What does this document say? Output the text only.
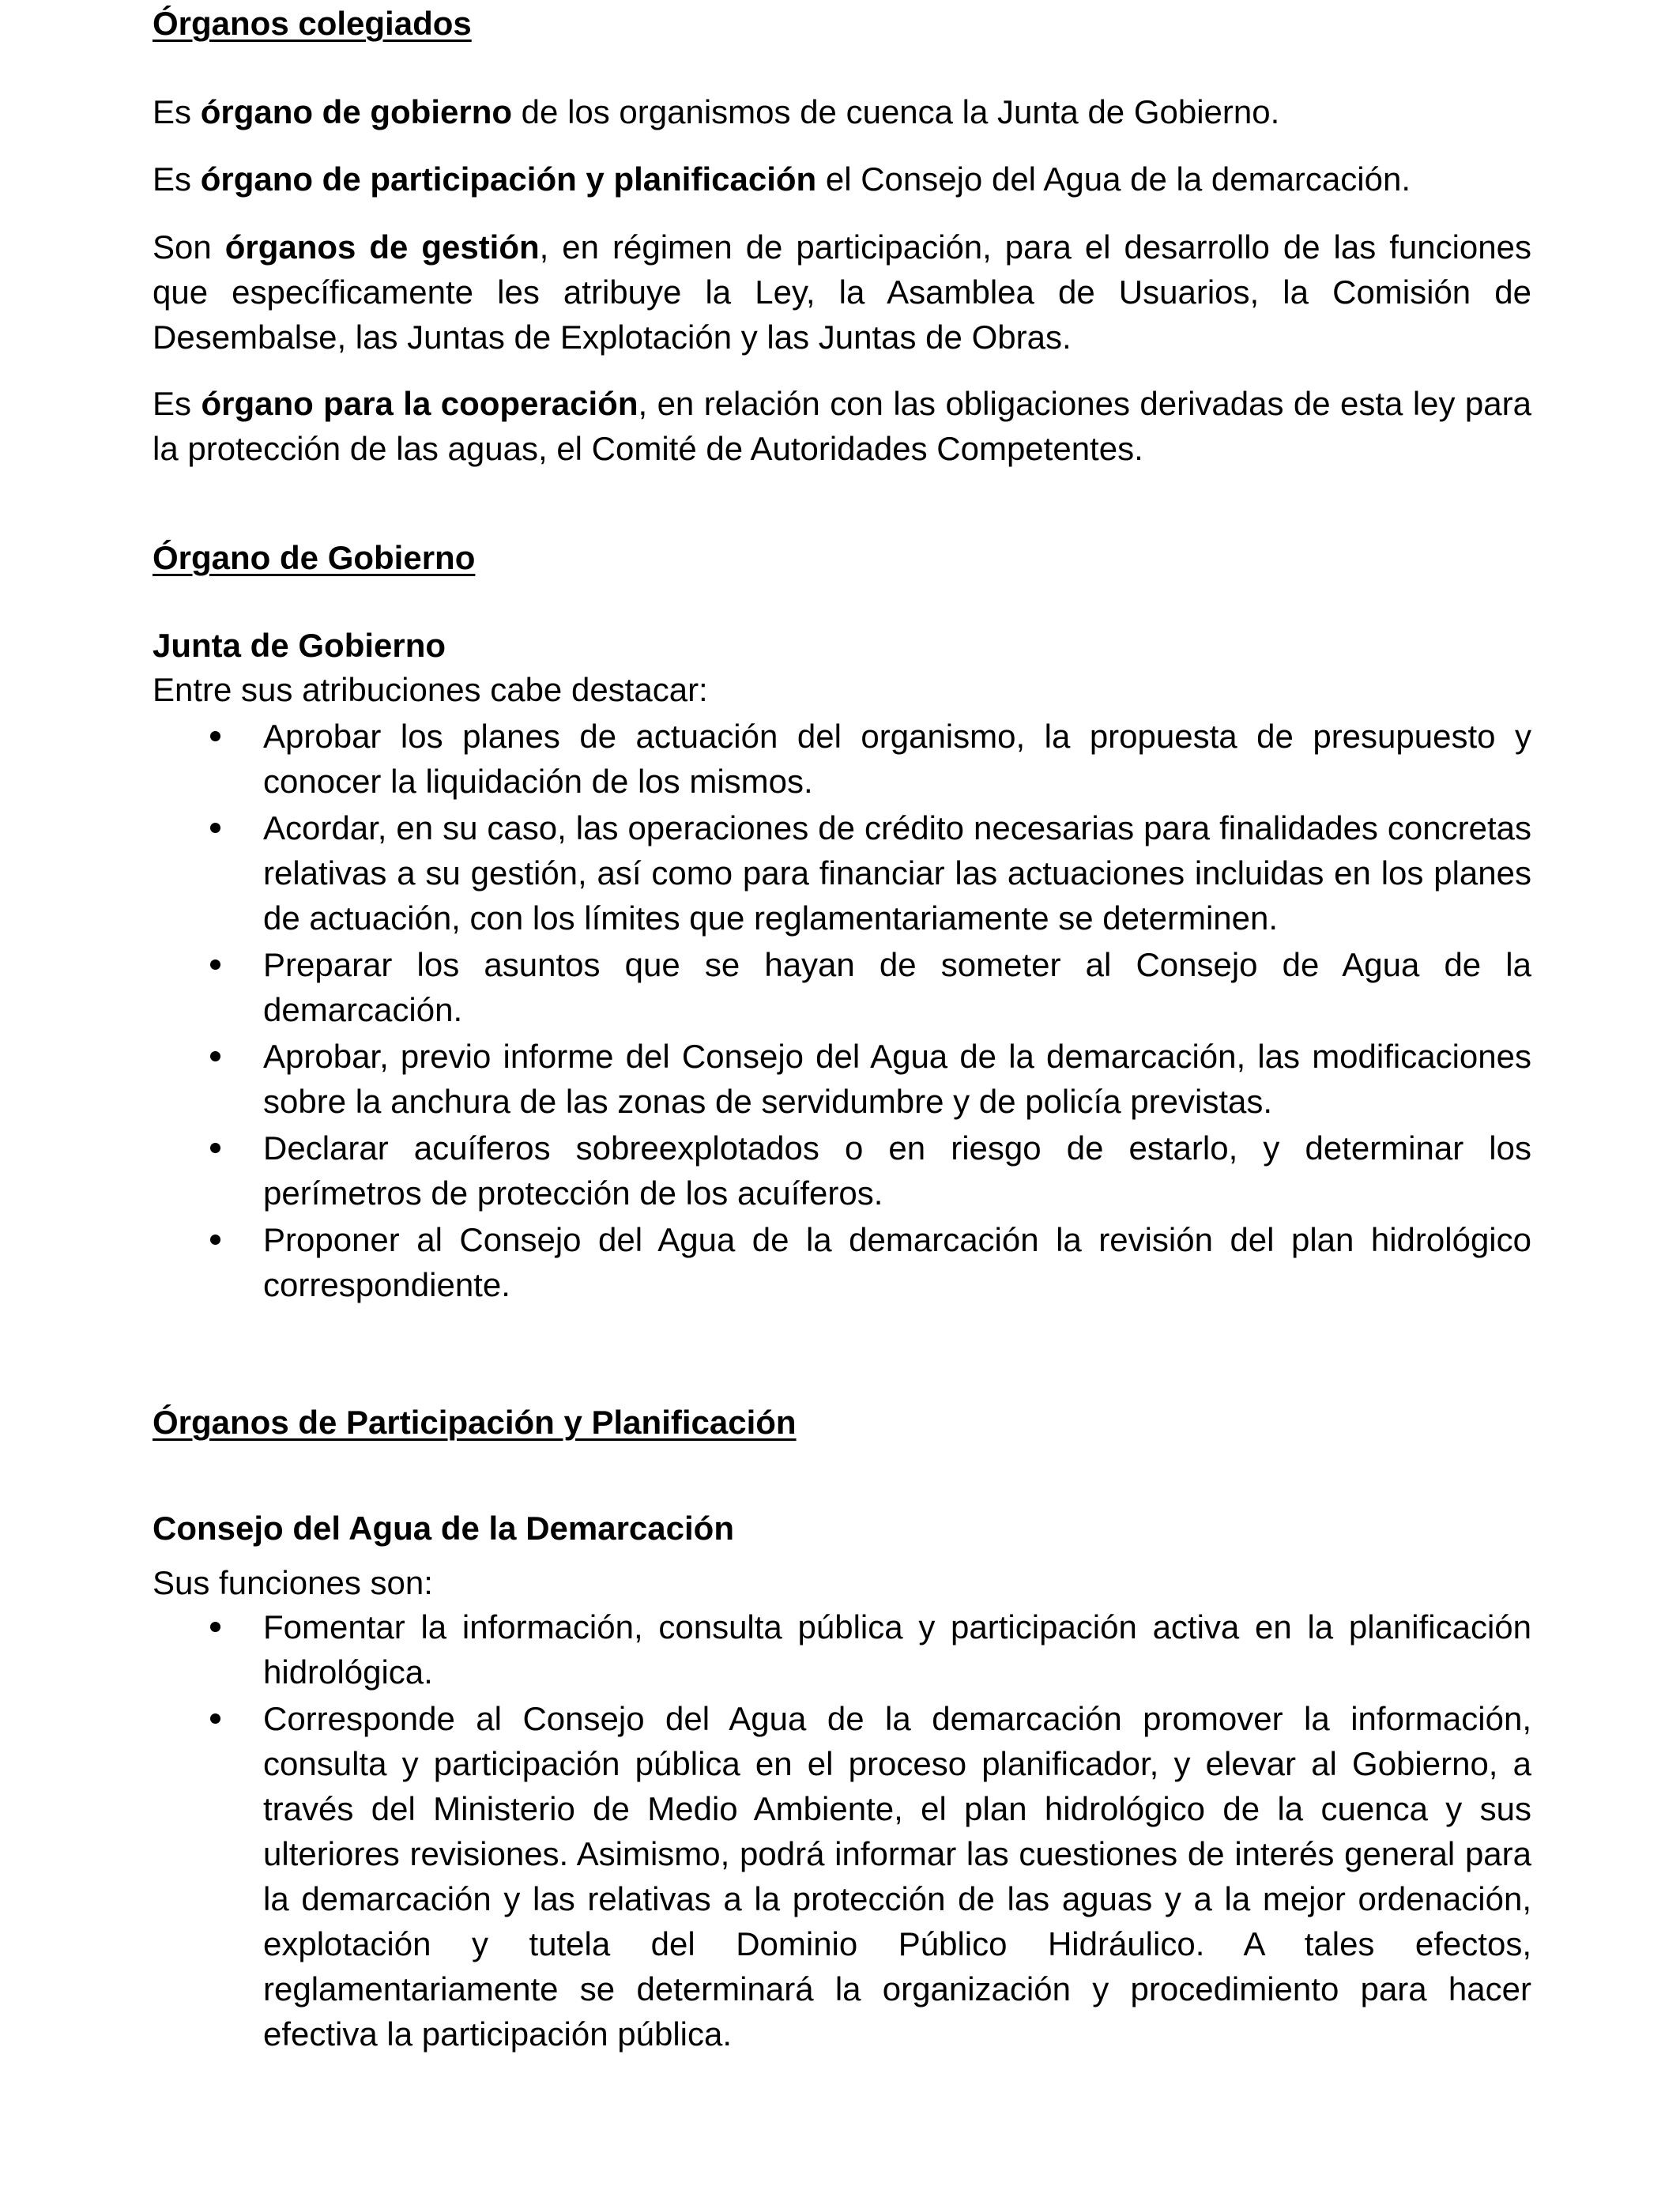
Órganos colegiados

Es órgano de gobierno de los organismos de cuenca la Junta de Gobierno.

Es órgano de participación y planificación el Consejo del Agua de la demarcación.

Son órganos de gestión, en régimen de participación, para el desarrollo de las funciones que específicamente les atribuye la Ley, la Asamblea de Usuarios, la Comisión de Desembalse, las Juntas de Explotación y las Juntas de Obras.

Es órgano para la cooperación, en relación con las obligaciones derivadas de esta ley para la protección de las aguas, el Comité de Autoridades Competentes.

Órgano de Gobierno

Junta de Gobierno

Entre sus atribuciones cabe destacar:

Aprobar los planes de actuación del organismo, la propuesta de presupuesto y conocer la liquidación de los mismos.
Acordar, en su caso, las operaciones de crédito necesarias para finalidades concretas relativas a su gestión, así como para financiar las actuaciones incluidas en los planes de actuación, con los límites que reglamentariamente se determinen.
Preparar los asuntos que se hayan de someter al Consejo de Agua de la demarcación.
Aprobar, previo informe del Consejo del Agua de la demarcación, las modificaciones sobre la anchura de las zonas de servidumbre y de policía previstas.
Declarar acuíferos sobreexplotados o en riesgo de estarlo, y determinar los perímetros de protección de los acuíferos.
Proponer al Consejo del Agua de la demarcación la revisión del plan hidrológico correspondiente.

Órganos de Participación y Planificación

Consejo del Agua de la Demarcación

Sus funciones son:

Fomentar la información, consulta pública y participación activa en la planificación hidrológica.
Corresponde al Consejo del Agua de la demarcación promover la información, consulta y participación pública en el proceso planificador, y elevar al Gobierno, a través del Ministerio de Medio Ambiente, el plan hidrológico de la cuenca y sus ulteriores revisiones. Asimismo, podrá informar las cuestiones de interés general para la demarcación y las relativas a la protección de las aguas y a la mejor ordenación, explotación y tutela del Dominio Público Hidráulico. A tales efectos, reglamentariamente se determinará la organización y procedimiento para hacer efectiva la participación pública.
